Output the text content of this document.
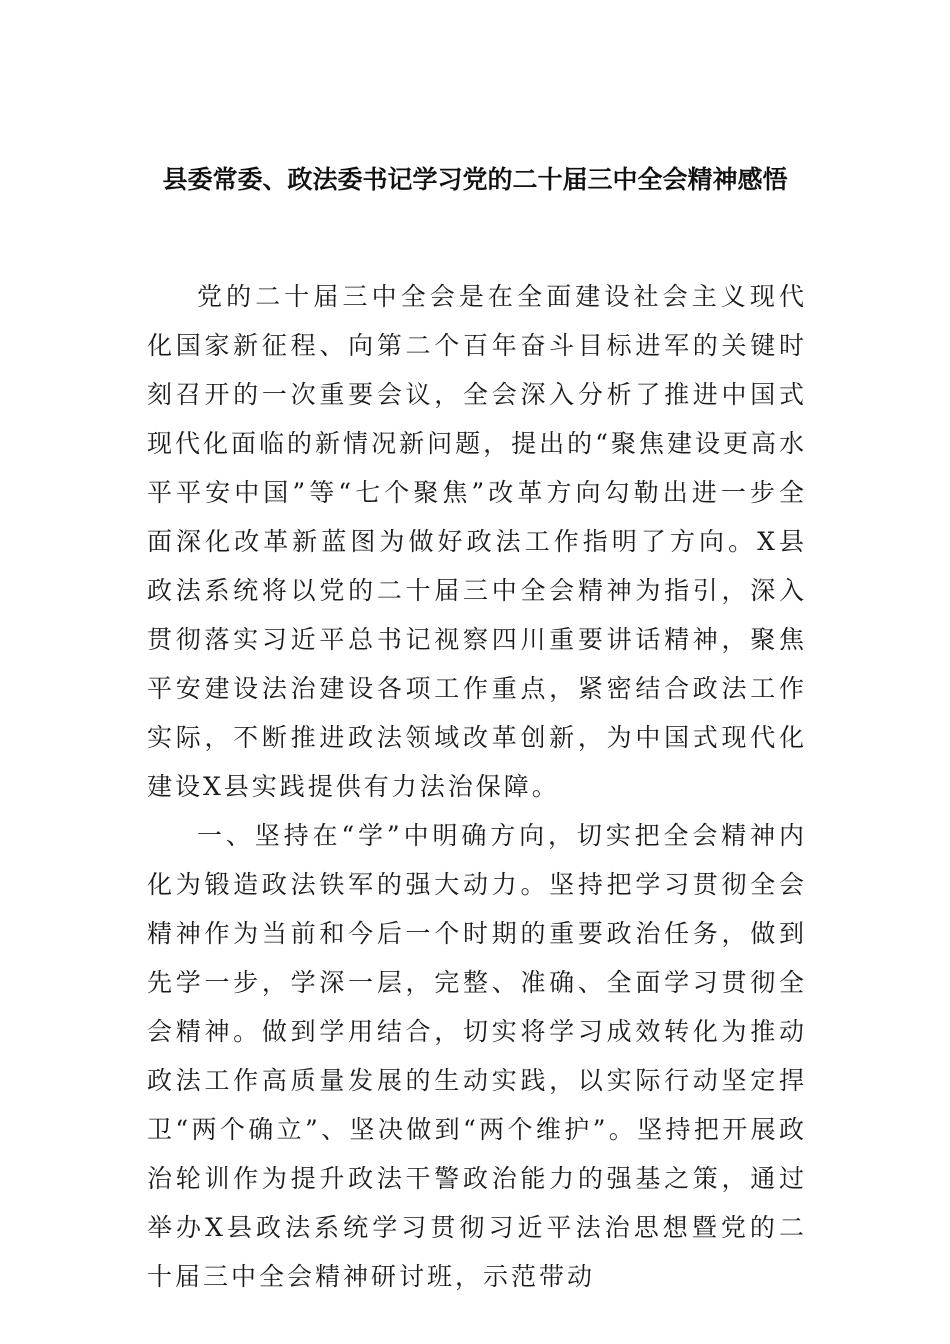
县委常委、政法委书记学习党的二十届三中全会精神感悟

党的二十届三中全会是在全面建设社会主义现代化国家新征程、向第二个百年奋斗目标进军的关键时刻召开的一次重要会议，全会深入分析了推进中国式现代化面临的新情况新问题，提出的“聚焦建设更高水平平安中国”等“七个聚焦”改革方向勾勒出进一步全面深化改革新蓝图为做好政法工作指明了方向。X县政法系统将以党的二十届三中全会精神为指引，深入贯彻落实习近平总书记视察四川重要讲话精神，聚焦平安建设法治建设各项工作重点，紧密结合政法工作实际，不断推进政法领域改革创新，为中国式现代化建设X县实践提供有力法治保障。

一、坚持在“学”中明确方向，切实把全会精神内化为锻造政法铁军的强大动力。坚持把学习贯彻全会精神作为当前和今后一个时期的重要政治任务，做到先学一步，学深一层，完整、准确、全面学习贯彻全会精神。做到学用结合，切实将学习成效转化为推动政法工作高质量发展的生动实践，以实际行动坚定捍卫“两个确立”、坚决做到“两个维护”。坚持把开展政治轮训作为提升政法干警政治能力的强基之策，通过举办X县政法系统学习贯彻习近平法治思想暨党的二十届三中全会精神研讨班，示范带动
